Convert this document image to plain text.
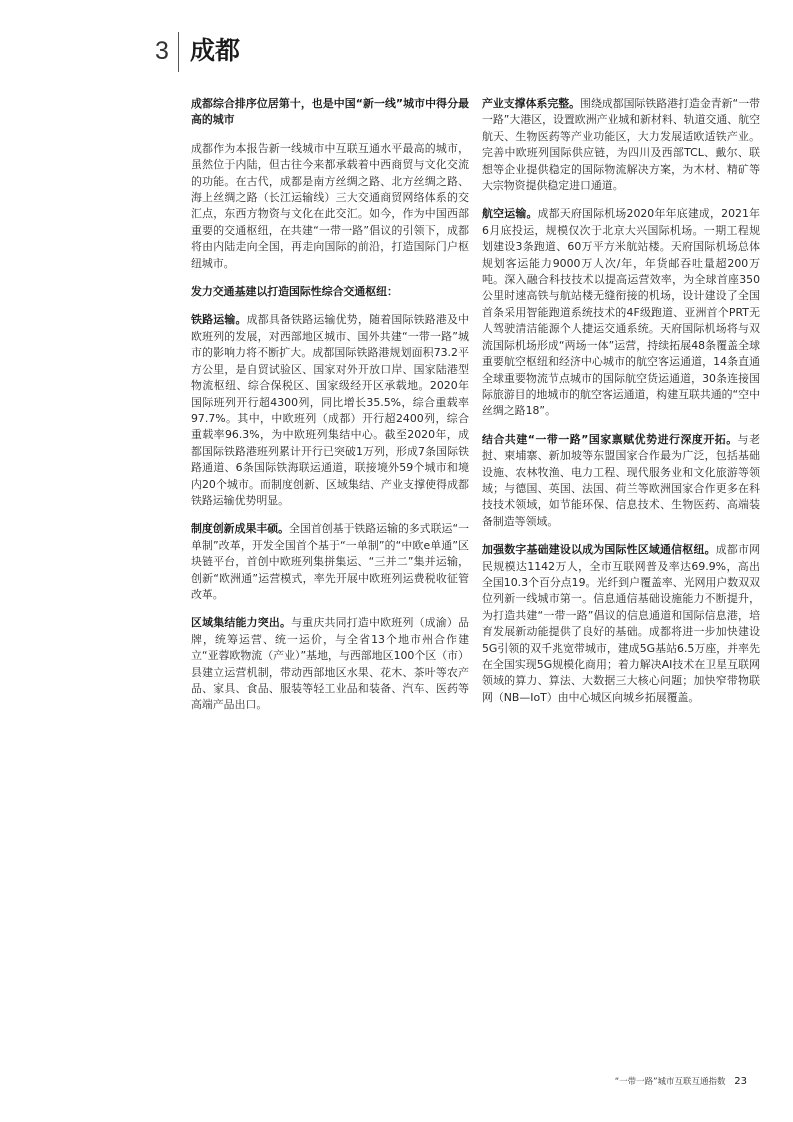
3 成都

成都综合排序位居第十，也是中国“新一线”城市中得分最高的城市

成都作为本报告新一线城市中互联互通水平最高的城市，虽然位于内陆，但古往今来都承载着中西商贸与文化交流的功能。在古代，成都是南方丝绸之路、北方丝绸之路、海上丝绸之路（长江运输线）三大交通商贸网络体系的交汇点，东西方物资与文化在此交汇。如今，作为中国西部重要的交通枢纽，在共建“一带一路”倡议的引领下，成都将由内陆走向全国，再走向国际的前沿，打造国际门户枢纽城市。

发力交通基建以打造国际性综合交通枢纽：

铁路运输。成都具备铁路运输优势，随着国际铁路港及中欧班列的发展，对西部地区城市、国外共建“一带一路”城市的影响力将不断扩大。成都国际铁路港规划面积73.2平方公里，是自贸试验区、国家对外开放口岸、国家陆港型物流枢纽、综合保税区、国家级经开区承载地。2020年国际班列开行超4300列，同比增长35.5%，综合重载率97.7%。其中，中欧班列（成都）开行超2400列，综合重载率96.3%，为中欧班列集结中心。截至2020年，成都国际铁路港班列累计开行已突破1万列，形成7条国际铁路通道、6条国际铁海联运通道，联接境外59个城市和境内20个城市。而制度创新、区域集结、产业支撑使得成都铁路运输优势明显。

制度创新成果丰硕。全国首创基于铁路运输的多式联运“一单制”改革，开发全国首个基于“一单制”的“中欧e单通”区块链平台，首创中欧班列集拼集运、“三并二”集并运输，创新“欧洲通”运营模式，率先开展中欧班列运费税收征管改革。

区域集结能力突出。与重庆共同打造中欧班列（成渝）品牌，统筹运营、统一运价，与全省13个地市州合作建立“亚蓉欧物流（产业）”基地，与西部地区100个区（市）县建立运营机制，带动西部地区水果、花木、茶叶等农产品、家具、食品、服装等轻工业品和装备、汽车、医药等高端产品出口。

产业支撑体系完整。围绕成都国际铁路港打造金青新“一带一路”大港区，设置欧洲产业城和新材料、轨道交通、航空航天、生物医药等产业功能区，大力发展适欧适铁产业。完善中欧班列国际供应链，为四川及西部TCL、戴尔、联想等企业提供稳定的国际物流解决方案，为木材、精矿等大宗物资提供稳定进口通道。

航空运输。成都天府国际机场2020年年底建成，2021年6月底投运，规模仅次于北京大兴国际机场。一期工程规划建设3条跑道、60万平方米航站楼。天府国际机场总体规划客运能力9000万人次/年，年货邮吞吐量超200万吨。深入融合科技技术以提高运营效率，为全球首座350公里时速高铁与航站楼无缝衔接的机场，设计建设了全国首条采用智能跑道系统技术的4F级跑道、亚洲首个PRT无人驾驶清洁能源个人捷运交通系统。天府国际机场将与双流国际机场形成“两场一体”运营，持续拓展48条覆盖全球重要航空枢纽和经济中心城市的航空客运通道，14条直通全球重要物流节点城市的国际航空货运通道，30条连接国际旅游目的地城市的航空客运通道，构建互联共通的“空中丝绸之路18”。

结合共建“一带一路”国家禀赋优势进行深度开拓。与老挝、柬埔寨、新加坡等东盟国家合作最为广泛，包括基础设施、农林牧渔、电力工程、现代服务业和文化旅游等领域；与德国、英国、法国、荷兰等欧洲国家合作更多在科技技术领域，如节能环保、信息技术、生物医药、高端装备制造等领域。

加强数字基础建设以成为国际性区域通信枢纽。成都市网民规模达1142万人，全市互联网普及率达69.9%，高出全国10.3个百分点19。光纤到户覆盖率、光网用户数双双位列新一线城市第一。信息通信基础设施能力不断提升，为打造共建“一带一路”倡议的信息通道和国际信息港，培育发展新动能提供了良好的基础。成都将进一步加快建设5G引领的双千兆宽带城市，建成5G基站6.5万座，并率先在全国实现5G规模化商用；着力解决AI技术在卫星互联网领域的算力、算法、大数据三大核心问题；加快窄带物联网（NB—IoT）由中心城区向城乡拓展覆盖。

“一带一路”城市互联互通指数 23
